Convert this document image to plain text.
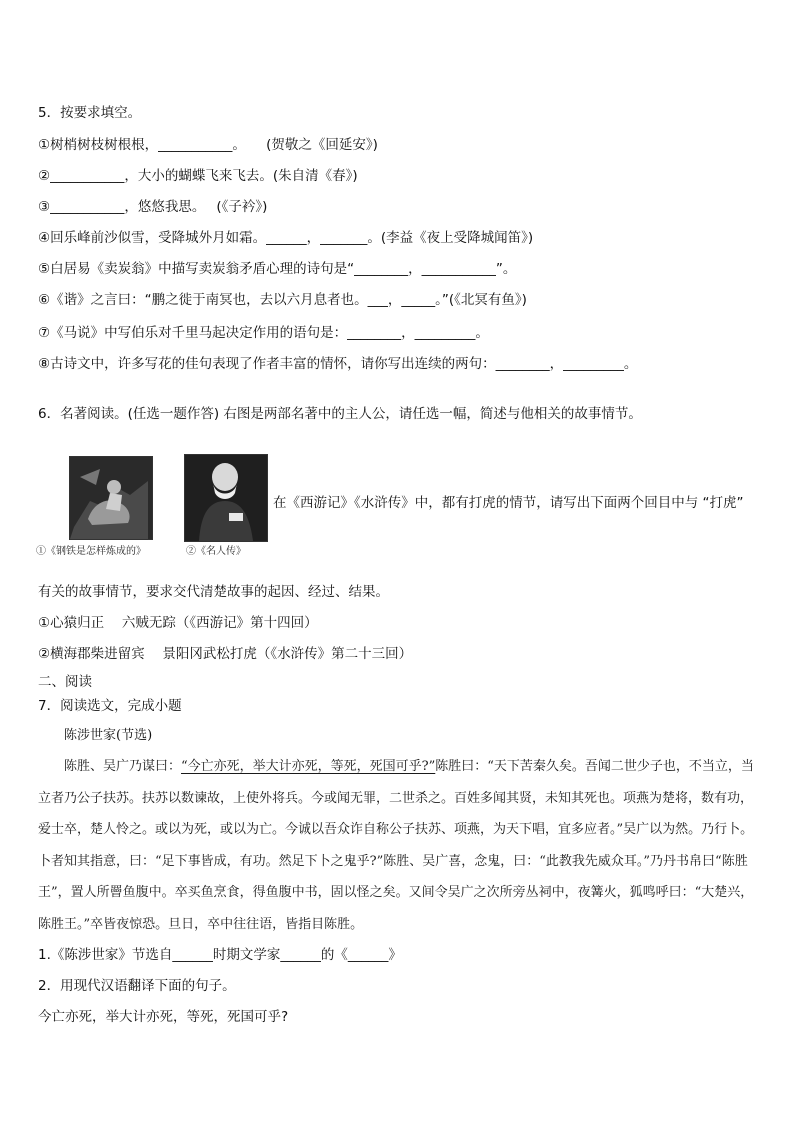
5．按要求填空。
①树梢树枝树根根，___________。　　(贺敬之《回延安》)
②___________，大小的蝴蝶飞来飞去。(朱自清《春》)
③___________，悠悠我思。　 (《子衿》)
④回乐峰前沙似雪，受降城外月如霜。______，_______。(李益《夜上受降城闻笛》)
⑤白居易《卖炭翁》中描写卖炭翁矛盾心理的诗句是“________，___________”。
⑥《谐》之言曰：“鹏之徙于南冥也，去以六月息者也。___，_____。”(《北冥有鱼》)
⑦《马说》中写伯乐对千里马起决定作用的语句是：________，_________。
⑧古诗文中，许多写花的佳句表现了作者丰富的情怀，请你写出连续的两句：________，_________。
6．名著阅读。(任选一题作答) 右图是两部名著中的主人公，请任选一幅，简述与他相关的故事情节。
①《钢铁是怎样炼成的》	②《名人传》
在《西游记》《水浒传》中，都有打虎的情节，请写出下面两个回目中与 “打虎”
有关的故事情节，要求交代清楚故事的起因、经过、结果。
①心猿归正　 六贼无踪（《西游记》第十四回）
②横海郡柴进留宾　 景阳冈武松打虎（《水浒传》第二十三回）
二、阅读
7．阅读选文，完成小题
陈涉世家(节选)
陈胜、吴广乃谋曰：“今亡亦死，举大计亦死，等死，死国可乎?”陈胜曰：“天下苦秦久矣。吾闻二世少子也，不当立，当立者乃公子扶苏。扶苏以数谏故，上使外将兵。今或闻无罪，二世杀之。百姓多闻其贤，未知其死也。项燕为楚将，数有功，爱士卒，楚人怜之。或以为死，或以为亡。今诚以吾众诈自称公子扶苏、项燕，为天下唱，宜多应者。”吴广以为然。乃行卜。卜者知其指意，曰：“足下事皆成，有功。然足下卜之鬼乎?”陈胜、吴广喜，念鬼，曰：“此教我先威众耳。”乃丹书帛曰“陈胜王”，置人所罾鱼腹中。卒买鱼烹食，得鱼腹中书，固以怪之矣。又间令吴广之次所旁丛祠中，夜篝火，狐鸣呼曰：“大楚兴，陈胜王。”卒皆夜惊恐。旦日，卒中往往语，皆指目陈胜。
1.《陈涉世家》节选自______时期文学家______的《______》
2．用现代汉语翻译下面的句子。
今亡亦死，举大计亦死，等死，死国可乎?
